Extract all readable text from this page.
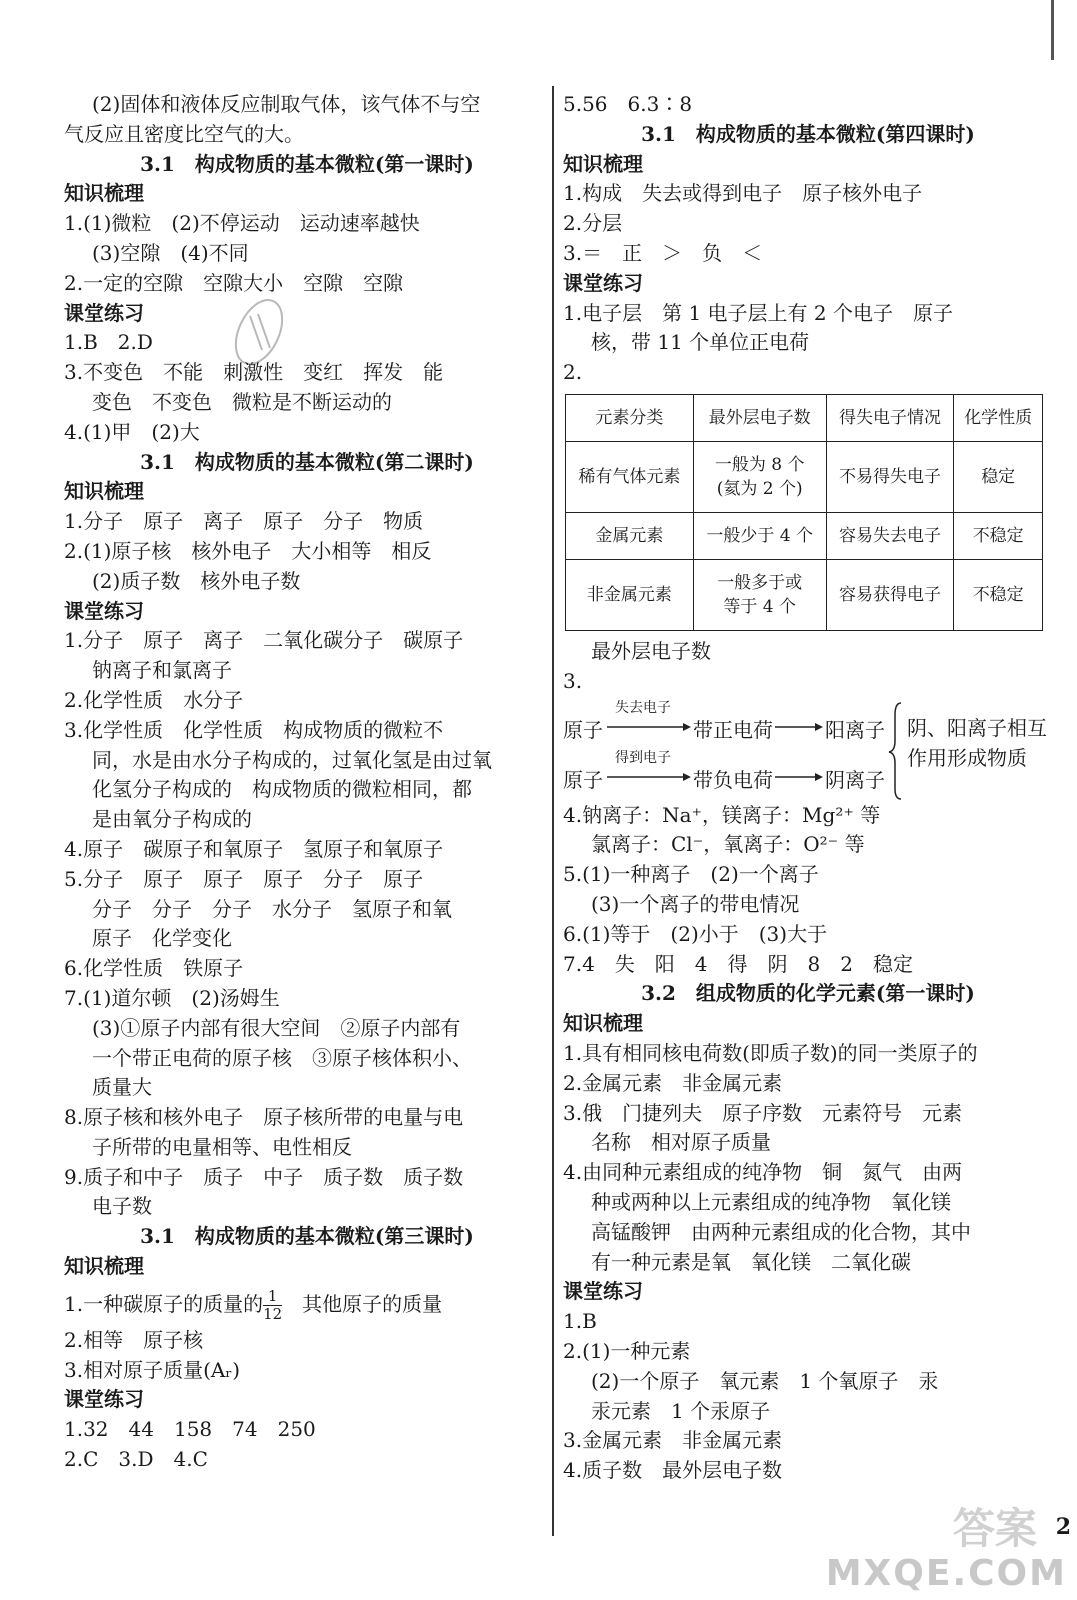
(2)固体和液体反应制取气体，该气体不与空
气反应且密度比空气的大。
3.1　构成物质的基本微粒(第一课时)
知识梳理
1.(1)微粒　(2)不停运动　运动速率越快
(3)空隙　(4)不同
2.一定的空隙　空隙大小　空隙　空隙
课堂练习
1.B　2.D
3.不变色　不能　刺激性　变红　挥发　能
变色　不变色　微粒是不断运动的
4.(1)甲　(2)大
3.1　构成物质的基本微粒(第二课时)
知识梳理
1.分子　原子　离子　原子　分子　物质
2.(1)原子核　核外电子　大小相等　相反
(2)质子数　核外电子数
课堂练习
1.分子　原子　离子　二氧化碳分子　碳原子
钠离子和氯离子
2.化学性质　水分子
3.化学性质　化学性质　构成物质的微粒不
同，水是由水分子构成的，过氧化氢是由过氧
化氢分子构成的　构成物质的微粒相同，都
是由氧分子构成的
4.原子　碳原子和氧原子　氢原子和氧原子
5.分子　原子　原子　原子　分子　原子
分子　分子　分子　水分子　氢原子和氧
原子　化学变化
6.化学性质　铁原子
7.(1)道尔顿　(2)汤姆生
(3)①原子内部有很大空间　②原子内部有
一个带正电荷的原子核　③原子核体积小、
质量大
8.原子核和核外电子　原子核所带的电量与电
子所带的电量相等、电性相反
9.质子和中子　质子　中子　质子数　质子数
电子数
3.1　构成物质的基本微粒(第三课时)
知识梳理
1.一种碳原子的质量的 $\frac{1}{12}$ 　其他原子的质量
2.相等　原子核
3.相对原子质量(Aᵣ)
课堂练习
1.32　44　158　74　250
2.C　3.D　4.C
5.56　6.3∶8
3.1　构成物质的基本微粒(第四课时)
知识梳理
1.构成　失去或得到电子　原子核外电子
2.分层
3.＝　正　＞　负　＜
课堂练习
1.电子层　第 1 电子层上有 2 个电子　原子
核，带 11 个单位正电荷
2.
元素分类	最外层电子数	得失电子情况	化学性质
稀有气体元素	一般为 8 个
(氦为 2 个)	不易得失电子	稳定
金属元素	一般少于 4 个	容易失去电子	不稳定
非金属元素	一般多于或
等于 4 个	容易获得电子	不稳定
最外层电子数
3.
原子
失去电子
带正电荷	阳离子
原子
得到电子
带负电荷	阴离子
阴、阳离子相互作用形成物质
4.钠离子：Na⁺，镁离子：Mg²⁺ 等
氯离子：Cl⁻，氧离子：O²⁻ 等
5.(1)一种离子　(2)一个离子
(3)一个离子的带电情况
6.(1)等于　(2)小于　(3)大于
7.4　失　阳　4　得　阴　8　2　稳定
3.2　组成物质的化学元素(第一课时)
知识梳理
1.具有相同核电荷数(即质子数)的同一类原子的
2.金属元素　非金属元素
3.俄　门捷列夫　原子序数　元素符号　元素
名称　相对原子质量
4.由同种元素组成的纯净物　铜　氮气　由两
种或两种以上元素组成的纯净物　氧化镁
高锰酸钾　由两种元素组成的化合物，其中
有一种元素是氧　氧化镁　二氧化碳
课堂练习
1.B
2.(1)一种元素
(2)一个原子　氧元素　1 个氧原子　汞
汞元素　1 个汞原子
3.金属元素　非金属元素
4.质子数　最外层电子数
答案
MXQE.COM
2
